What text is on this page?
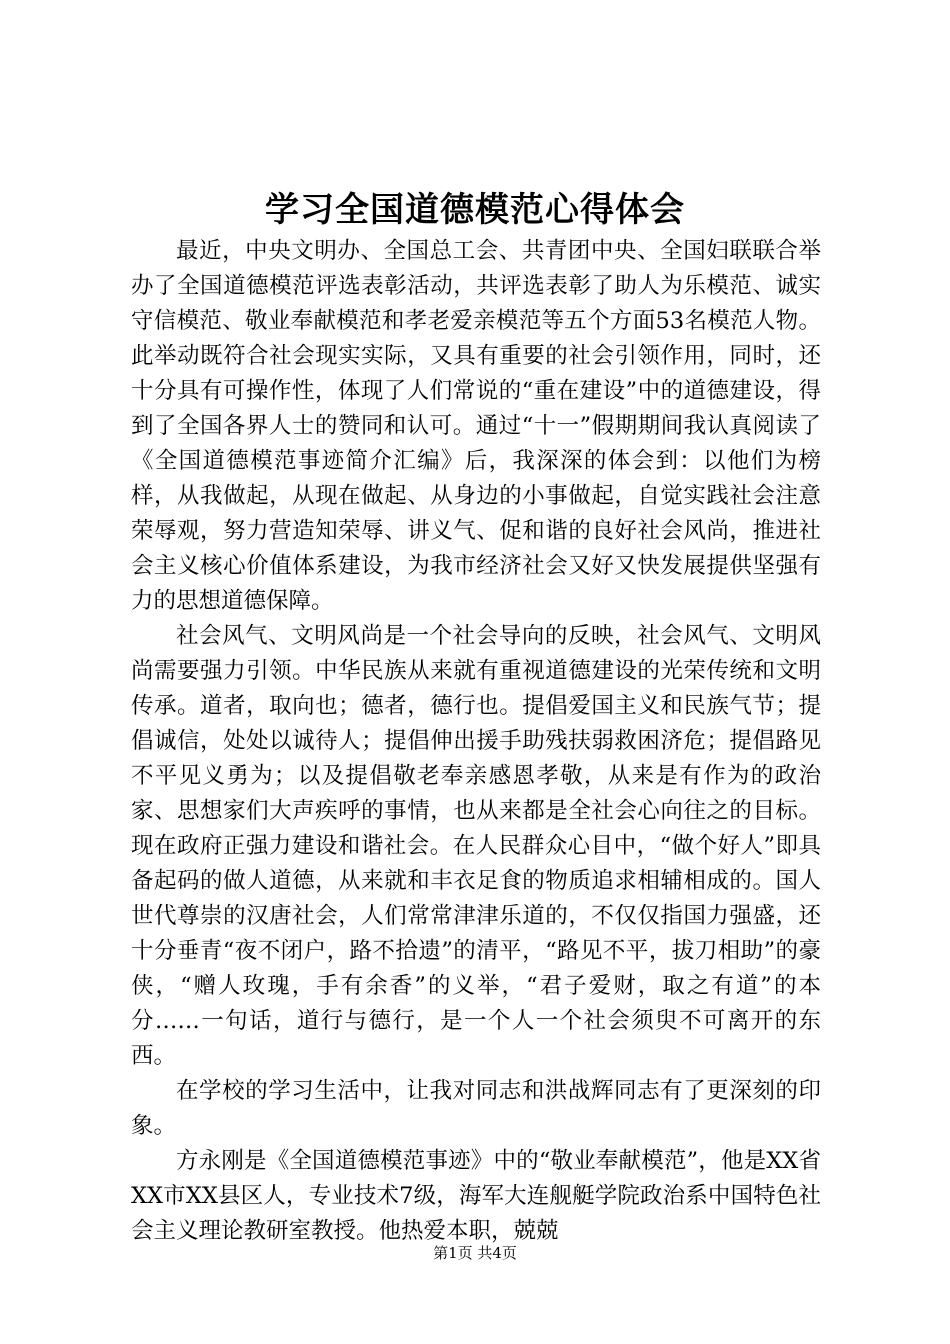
学习全国道德模范心得体会

最近，中央文明办、全国总工会、共青团中央、全国妇联联合举办了全国道德模范评选表彰活动，共评选表彰了助人为乐模范、诚实守信模范、敬业奉献模范和孝老爱亲模范等五个方面53名模范人物。此举动既符合社会现实实际，又具有重要的社会引领作用，同时，还十分具有可操作性，体现了人们常说的“重在建设”中的道德建设，得到了全国各界人士的赞同和认可。通过“十一”假期期间我认真阅读了《全国道德模范事迹简介汇编》后，我深深的体会到：以他们为榜样，从我做起，从现在做起、从身边的小事做起，自觉实践社会注意荣辱观，努力营造知荣辱、讲义气、促和谐的良好社会风尚，推进社会主义核心价值体系建设，为我市经济社会又好又快发展提供坚强有力的思想道德保障。

社会风气、文明风尚是一个社会导向的反映，社会风气、文明风尚需要强力引领。中华民族从来就有重视道德建设的光荣传统和文明传承。道者，取向也；德者，德行也。提倡爱国主义和民族气节；提倡诚信，处处以诚待人；提倡伸出援手助残扶弱救困济危；提倡路见不平见义勇为；以及提倡敬老奉亲感恩孝敬，从来是有作为的政治家、思想家们大声疾呼的事情，也从来都是全社会心向往之的目标。现在政府正强力建设和谐社会。在人民群众心目中，“做个好人”即具备起码的做人道德，从来就和丰衣足食的物质追求相辅相成的。国人世代尊崇的汉唐社会，人们常常津津乐道的，不仅仅指国力强盛，还十分垂青“夜不闭户，路不拾遗”的清平，“路见不平，拔刀相助”的豪侠，“赠人玫瑰，手有余香”的义举，“君子爱财，取之有道”的本分……一句话，道行与德行，是一个人一个社会须臾不可离开的东西。

在学校的学习生活中，让我对同志和洪战辉同志有了更深刻的印象。

方永刚是《全国道德模范事迹》中的“敬业奉献模范”，他是XX省XX市XX县区人，专业技术7级，海军大连舰艇学院政治系中国特色社会主义理论教研室教授。他热爱本职，兢兢

第1页 共4页
